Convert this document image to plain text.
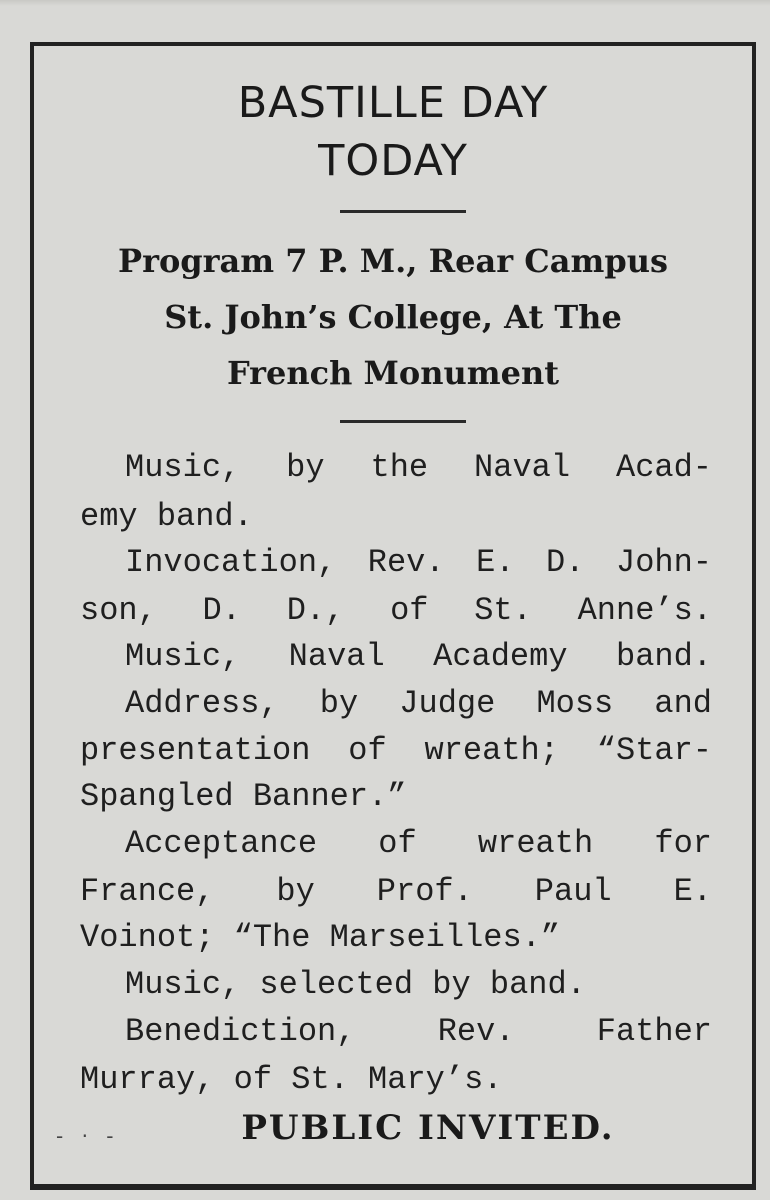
BASTILLE DAY
TODAY
Program 7 P. M., Rear Campus
St. John’s College, At The
French Monument
Music, by the Naval Acad-
emy band.
Invocation, Rev. E. D. John-
son, D. D., of St. Anne’s.
Music, Naval Academy band.
Address, by Judge Moss and
presentation of wreath; “Star-
Spangled Banner.”
Acceptance of wreath for
France, by Prof. Paul E.
Voinot; “The Marseilles.”
Music, selected by band.
Benediction, Rev. Father
Murray, of St. Mary’s.
- · -	PUBLIC INVITED.
